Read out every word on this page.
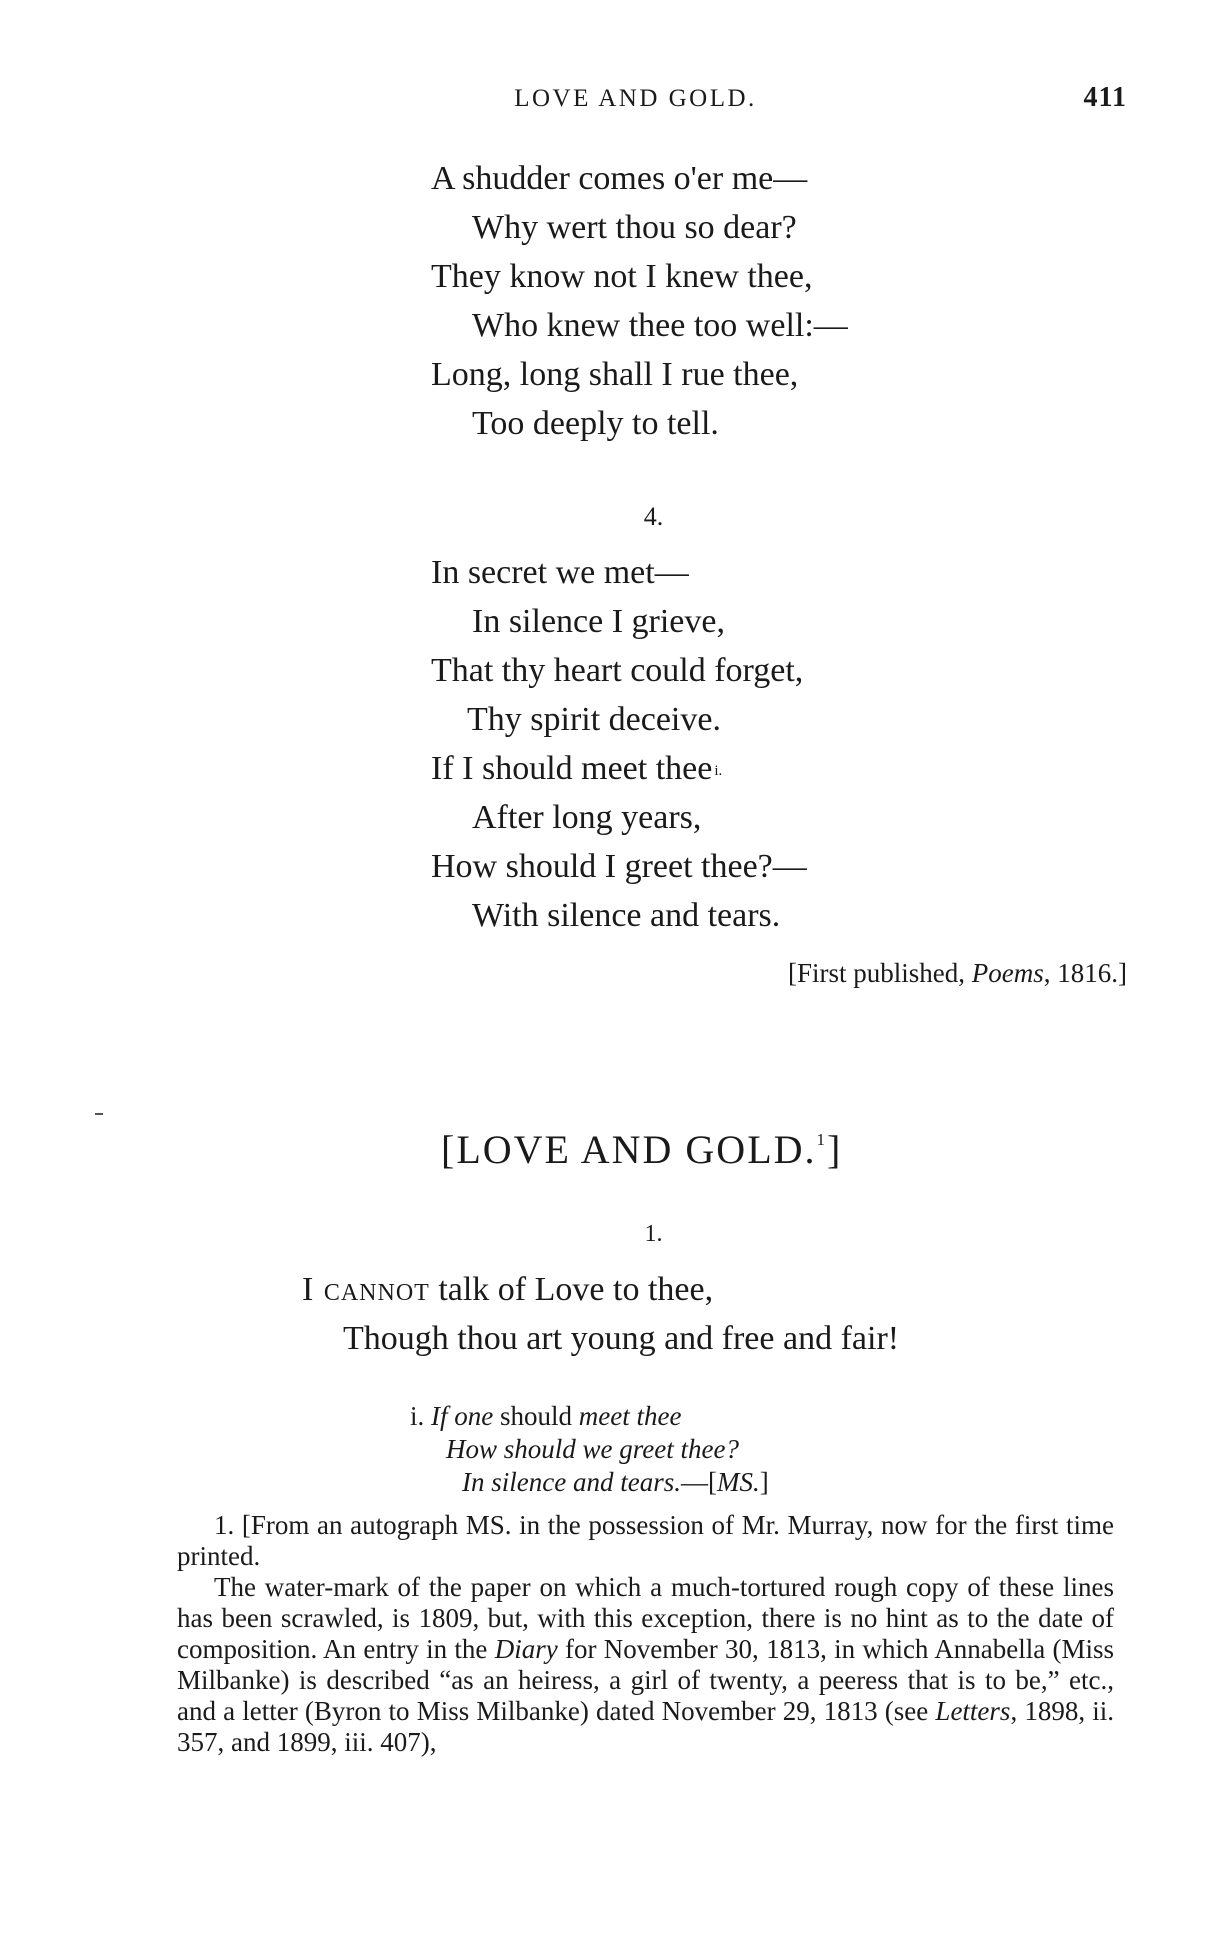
LOVE AND GOLD.	411
A shudder comes o'er me—
Why wert thou so dear?
They know not I knew thee,
Who knew thee too well:—
Long, long shall I rue thee,
Too deeply to tell.
4.
In secret we met—
In silence I grieve,
That thy heart could forget,
Thy spirit deceive.
If I should meet thee $^{i.}$
After long years,
How should I greet thee?—
With silence and tears.
[First published, Poems, 1816.]
[LOVE AND GOLD.$^1$]
1.
I cannot talk of Love to thee,
Though thou art young and free and fair!
i. If one should meet thee
How should we greet thee?
In silence and tears.—[MS.]

1. [From an autograph MS. in the possession of Mr. Murray, now for the first time printed.

The water-mark of the paper on which a much-tortured rough copy of these lines has been scrawled, is 1809, but, with this exception, there is no hint as to the date of composition. An entry in the Diary for November 30, 1813, in which Annabella (Miss Milbanke) is described “as an heiress, a girl of twenty, a peeress that is to be,” etc., and a letter (Byron to Miss Milbanke) dated November 29, 1813 (see Letters, 1898, ii. 357, and 1899, iii. 407),
